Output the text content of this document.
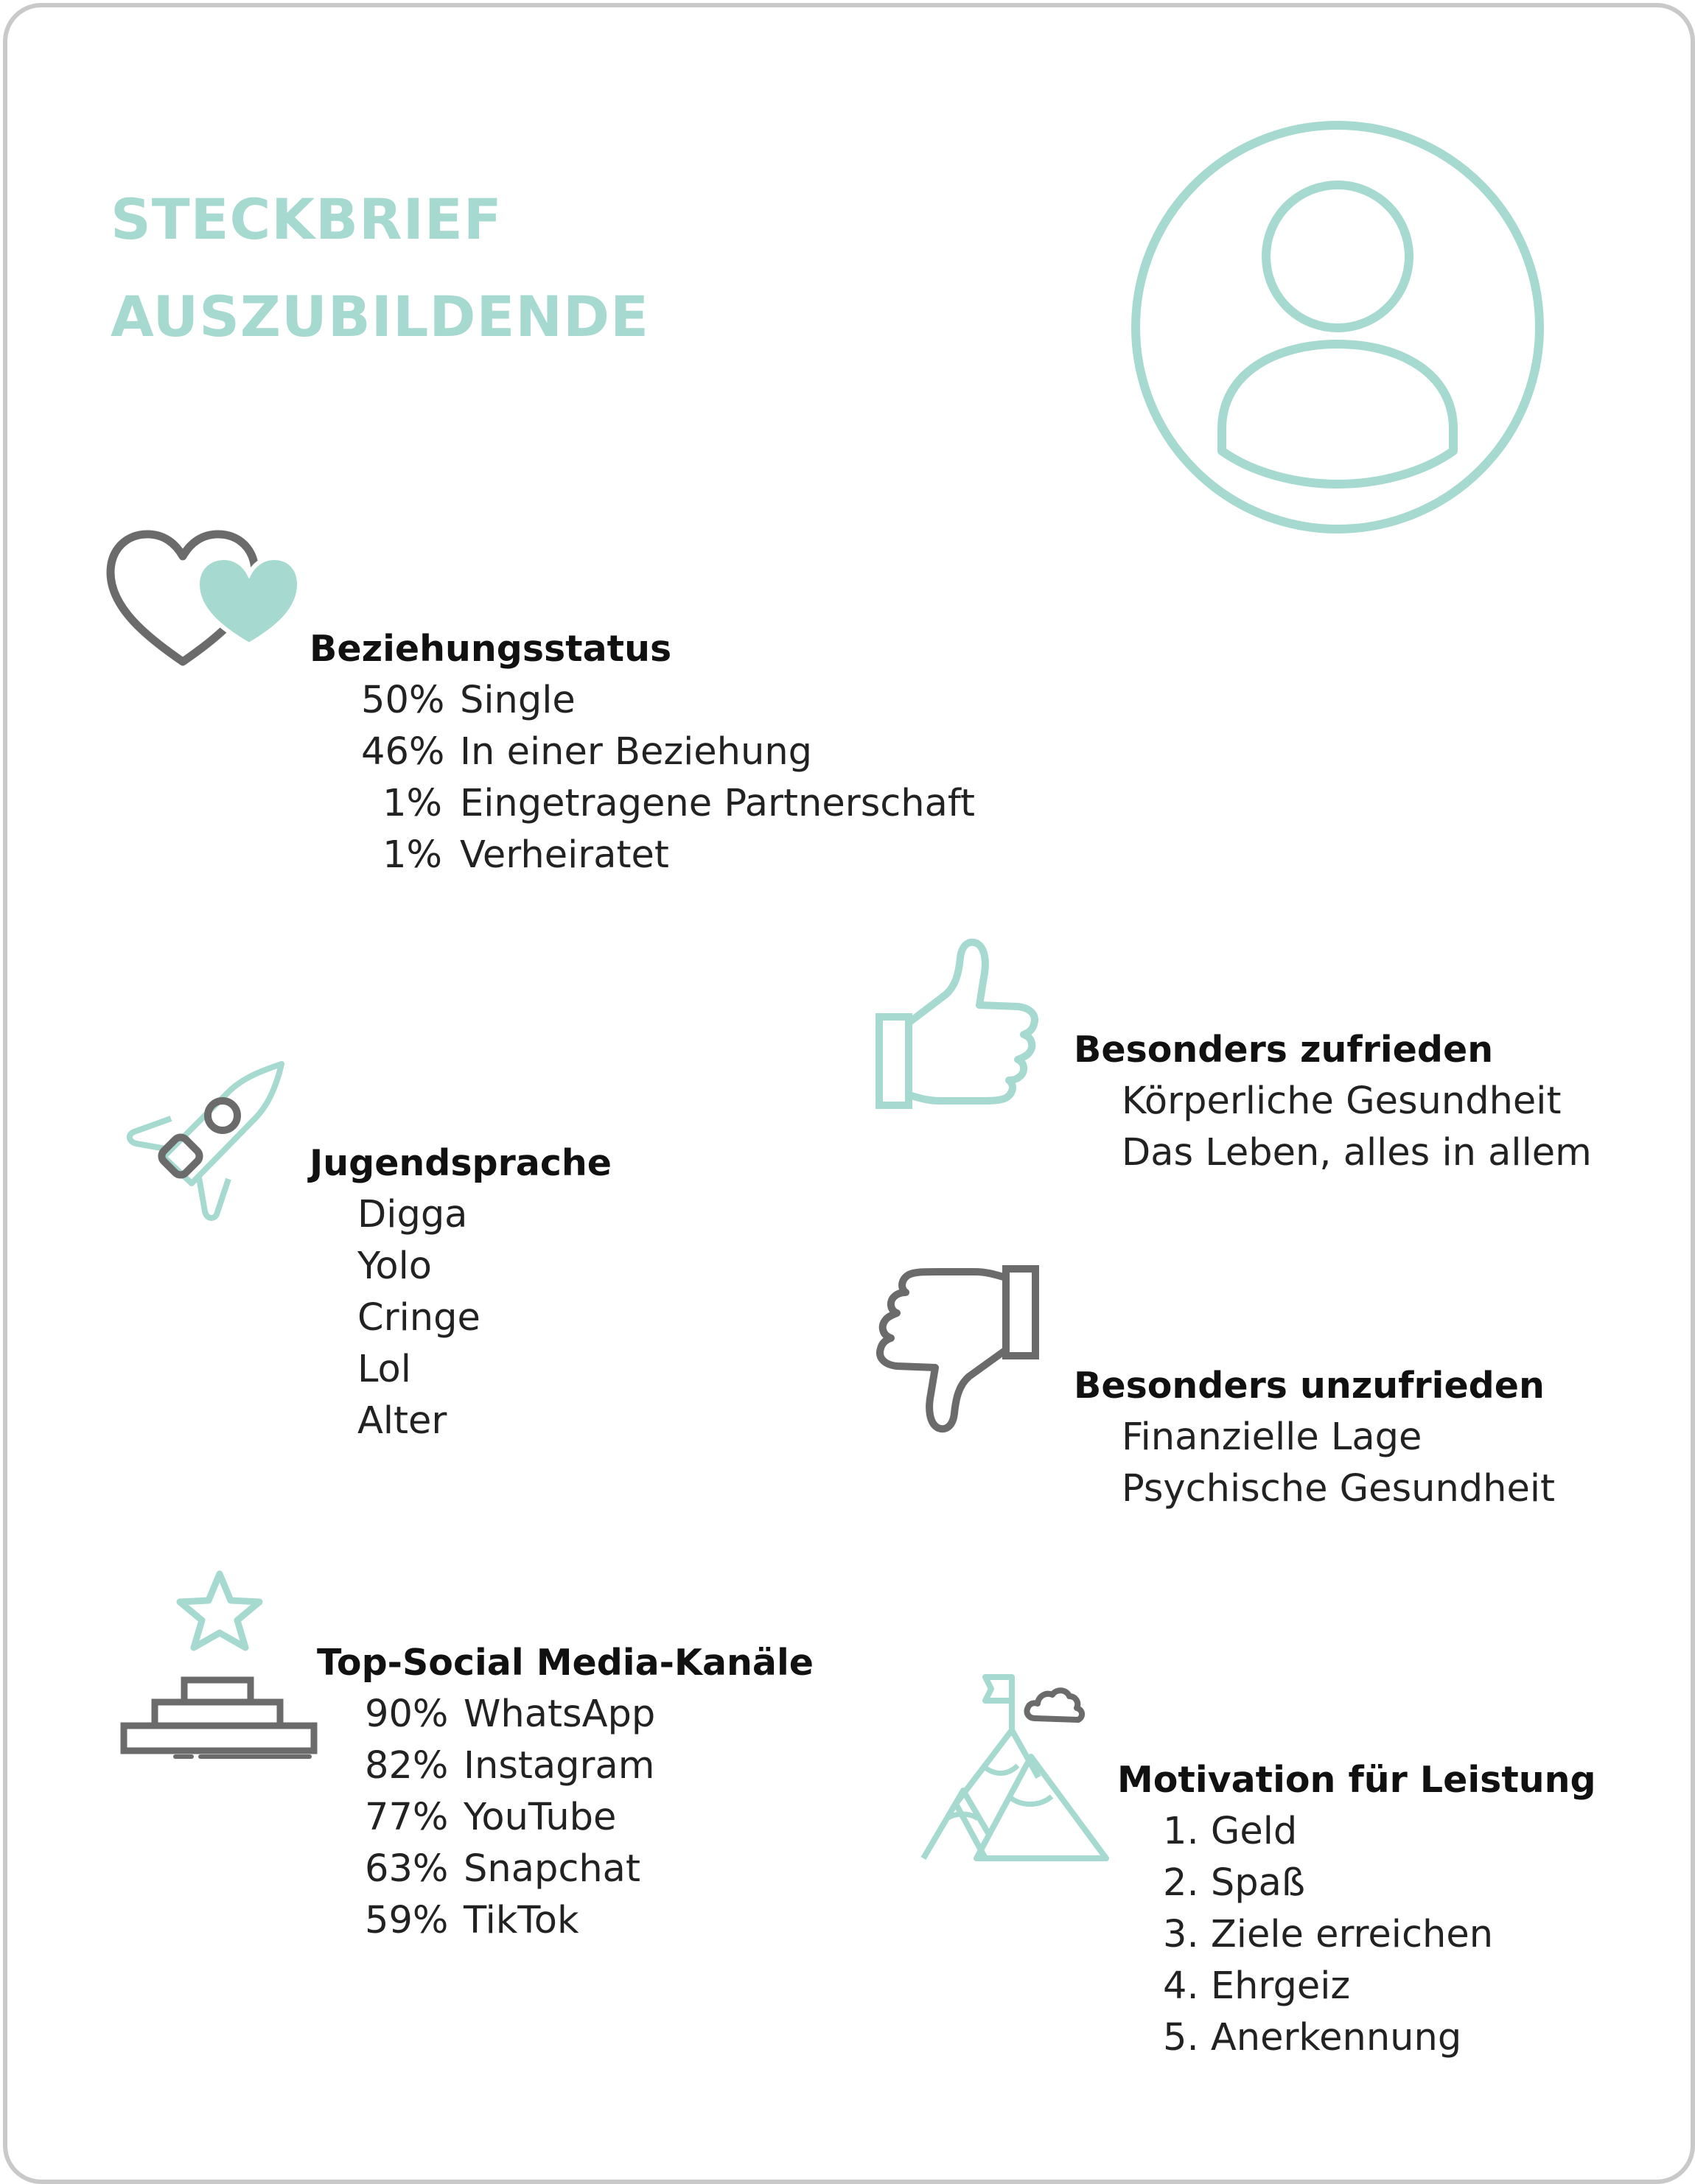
STECKBRIEF
AUSZUBILDENDE
Beziehungsstatus
50% Single
46% In einer Beziehung
1% Eingetragene Partnerschaft
1% Verheiratet
Besonders zufrieden
Körperliche Gesundheit
Das Leben, alles in allem
Jugendsprache
Digga
Yolo
Cringe
Lol
Alter
Besonders unzufrieden
Finanzielle Lage
Psychische Gesundheit
Top-Social Media-Kanäle
90% WhatsApp
82% Instagram
77% YouTube
63% Snapchat
59% TikTok
Motivation für Leistung
1. Geld
2. Spaß
3. Ziele erreichen
4. Ehrgeiz
5. Anerkennung
